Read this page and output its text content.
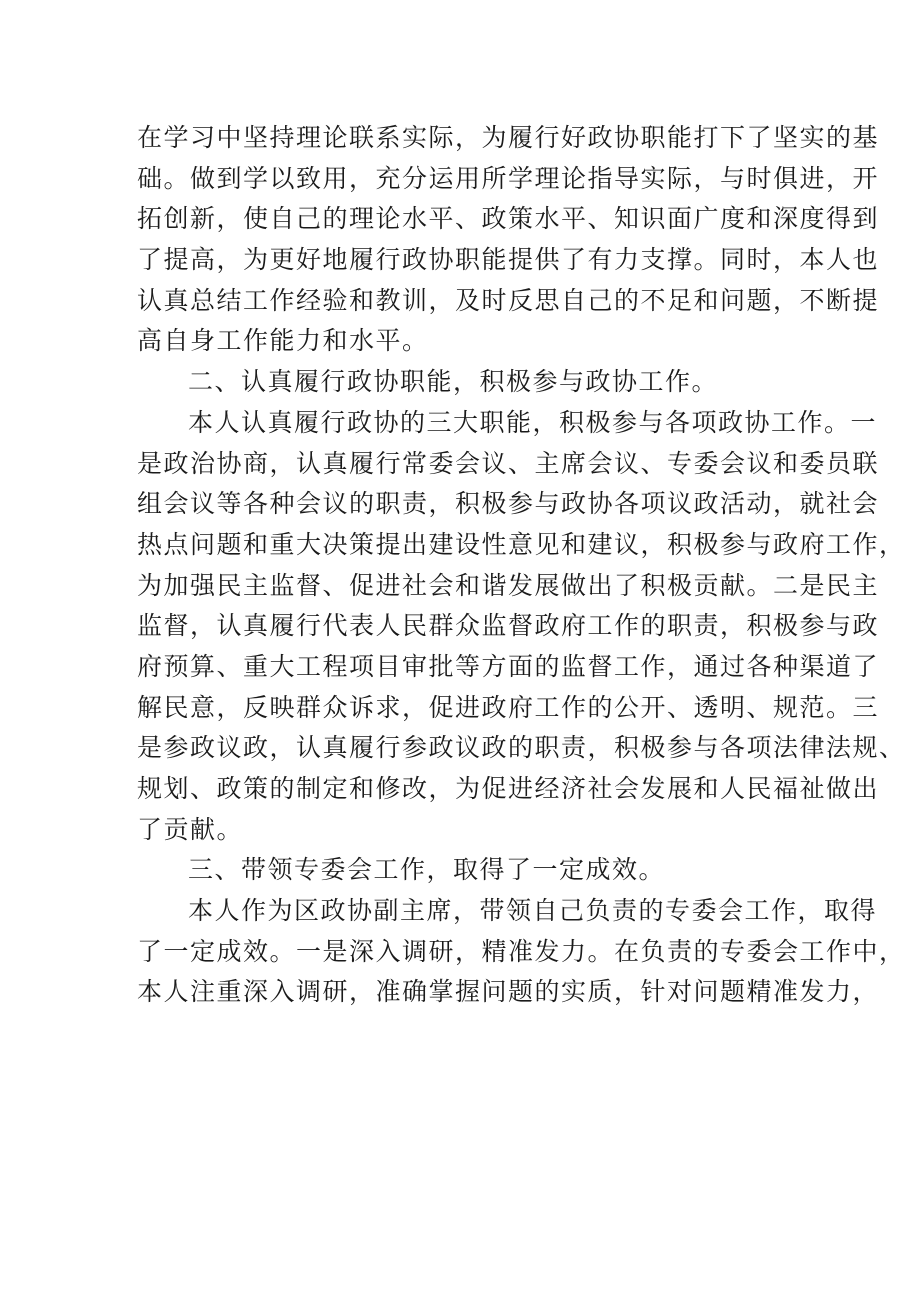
在学习中坚持理论联系实际，为履行好政协职能打下了坚实的基
础。做到学以致用，充分运用所学理论指导实际，与时俱进，开
拓创新，使自己的理论水平、政策水平、知识面广度和深度得到
了提高，为更好地履行政协职能提供了有力支撑。同时，本人也
认真总结工作经验和教训，及时反思自己的不足和问题，不断提
高自身工作能力和水平。
二、认真履行政协职能，积极参与政协工作。
本人认真履行政协的三大职能，积极参与各项政协工作。一
是政治协商，认真履行常委会议、主席会议、专委会议和委员联
组会议等各种会议的职责，积极参与政协各项议政活动，就社会
热点问题和重大决策提出建设性意见和建议，积极参与政府工作，
为加强民主监督、促进社会和谐发展做出了积极贡献。二是民主
监督，认真履行代表人民群众监督政府工作的职责，积极参与政
府预算、重大工程项目审批等方面的监督工作，通过各种渠道了
解民意，反映群众诉求，促进政府工作的公开、透明、规范。三
是参政议政，认真履行参政议政的职责，积极参与各项法律法规、
规划、政策的制定和修改，为促进经济社会发展和人民福祉做出
了贡献。
三、带领专委会工作，取得了一定成效。
本人作为区政协副主席，带领自己负责的专委会工作，取得
了一定成效。一是深入调研，精准发力。在负责的专委会工作中，
本人注重深入调研，准确掌握问题的实质，针对问题精准发力，
